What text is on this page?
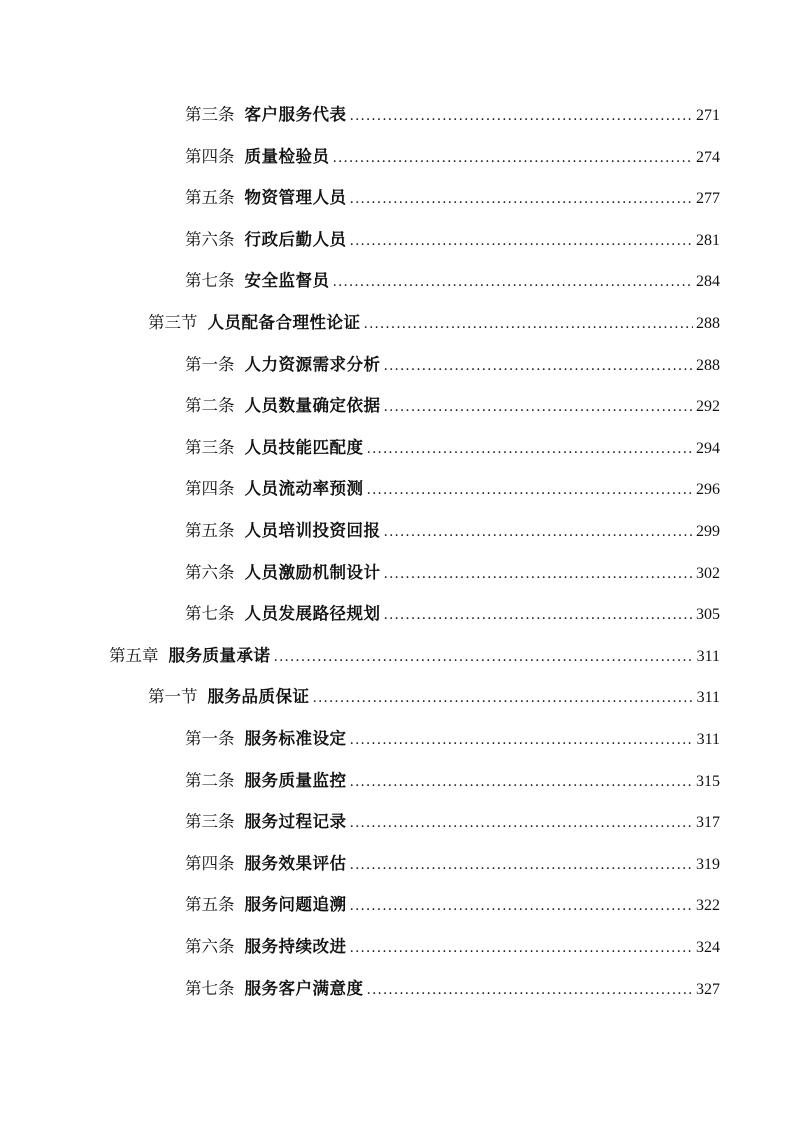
第三条 客户服务代表 .....	271
第四条 质量检验员 .....	274
第五条 物资管理人员 .....	277
第六条 行政后勤人员 .....	281
第七条 安全监督员 .....	284
第三节 人员配备合理性论证 .....	288
第一条 人力资源需求分析 .....	288
第二条 人员数量确定依据 .....	292
第三条 人员技能匹配度 .....	294
第四条 人员流动率预测 .....	296
第五条 人员培训投资回报 .....	299
第六条 人员激励机制设计 .....	302
第七条 人员发展路径规划 .....	305
第五章 服务质量承诺 .....	311
第一节 服务品质保证 .....	311
第一条 服务标准设定 .....	311
第二条 服务质量监控 .....	315
第三条 服务过程记录 .....	317
第四条 服务效果评估 .....	319
第五条 服务问题追溯 .....	322
第六条 服务持续改进 .....	324
第七条 服务客户满意度 .....	327
